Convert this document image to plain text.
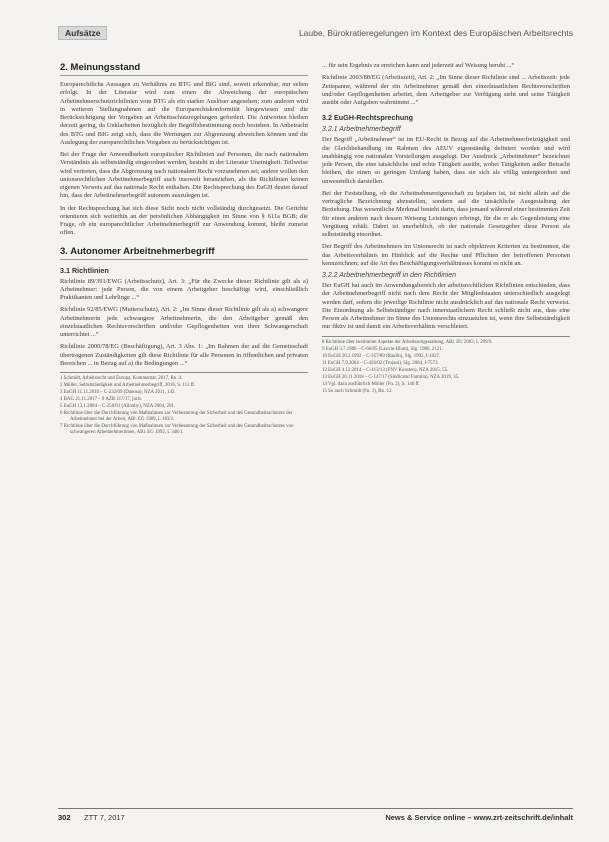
Aufsätze	Laube, Bürokratieregelungen im Kontext des Europäischen Arbeitsrechts
2. Meinungsstand

Europarechtliche Aussagen zu Verhältnis zu BTG und BIG sind, soweit erkennbar, nur selten erfolgt. In der Literatur wird zum einen die Abweichung der europäischen Arbeitnehmerschutzrichtlinien vom BTG als ein starker Auslöser angesehen; zum anderen wird in weiteren Stellungnahmen auf die Europarechtskonformität hingewiesen und die Berücksichtigung der Vorgaben an Arbeitsschutzregelungen gefordert. Die Antworten bleiben derzeit gering, da Unklarheiten bezüglich der Begriffsbestimmung noch bestehen. In Anbetracht des BTG und BIG zeigt sich, dass die Wertungen zur Abgrenzung abweichen können und die Auslegung der europarechtlichen Vorgaben zu berücksichtigen ist.

Bei der Frage der Anwendbarkeit europäischer Richtlinien auf Personen, die nach nationalem Verständnis als selbstständig eingeordnet werden, besteht in der Literatur Uneinigkeit. Teilweise wird vertreten, dass die Abgrenzung nach nationalem Recht vorzunehmen sei; andere wollen den unionsrechtlichen Arbeitnehmerbegriff auch insoweit heranziehen, als die Richtlinien keinen eigenen Verweis auf das nationale Recht enthalten. Die Rechtsprechung des EuGH deutet darauf hin, dass der Arbeitnehmerbegriff autonom auszulegen ist.

In der Rechtsprechung hat sich diese Sicht noch nicht vollständig durchgesetzt. Die Gerichte orientieren sich weiterhin an der persönlichen Abhängigkeit im Sinne von § 611a BGB; die Frage, ob ein europarechtlicher Arbeitnehmerbegriff zur Anwendung kommt, bleibt zumeist offen.

3. Autonomer Arbeitnehmerbegriff
3.1 Richtlinien

Richtlinie 89/391/EWG (Arbeitsschutz), Art. 3: „Für die Zwecke dieser Richtlinie gilt als a) Arbeitnehmer: jede Person, die von einem Arbeitgeber beschäftigt wird, einschließlich Praktikanten und Lehrlinge ...“

Richtlinie 92/85/EWG (Mutterschutz), Art. 2: „Im Sinne dieser Richtlinie gilt als a) schwangere Arbeitnehmerin jede schwangere Arbeitnehmerin, die den Arbeitgeber gemäß den einzelstaatlichen Rechtsvorschriften und/oder Gepflogenheiten von ihrer Schwangerschaft unterrichtet ...“

Richtlinie 2000/78/EG (Beschäftigung), Art. 3 Abs. 1: „Im Rahmen der auf die Gemeinschaft übertragenen Zuständigkeiten gilt diese Richtlinie für alle Personen in öffentlichen und privaten Bereichen ... in Bezug auf a) die Bedingungen ...“

1 Schmidt, Arbeitsrecht und Europa, Kommentar, 2017, Rn. 4.

2 Müller, Selbstständigkeit und Arbeitnehmerbegriff, 2016, S. 112 ff.

3 EuGH 11.11.2010 – C-232/09 (Danosa), NZA 2011, 143.

4 BAG 21.11.2017 – 9 AZR 117/17, juris.

5 EuGH 13.1.2004 – C-256/01 (Allonby), NZA 2004, 201.

6 Richtlinie über die Durchführung von Maßnahmen zur Verbesserung der Sicherheit und des Gesundheitsschutzes der Arbeitnehmer bei der Arbeit, ABl. EG 1989, L 183/1.

7 Richtlinie über die Durchführung von Maßnahmen zur Verbesserung der Sicherheit und des Gesundheitsschutzes von schwangeren Arbeitnehmerinnen, ABl. EG 1992, L 348/1.

... für sein Ergebnis zu erreichen kann und jederzeit auf Weisung beruht ...“

Richtlinie 2003/88/EG (Arbeitszeit), Art. 2: „Im Sinne dieser Richtlinie sind ... Arbeitszeit: jede Zeitspanne, während der ein Arbeitnehmer gemäß den einzelstaatlichen Rechtsvorschriften und/oder Gepflogenheiten arbeitet, dem Arbeitgeber zur Verfügung steht und seine Tätigkeit ausübt oder Aufgaben wahrnimmt ...“

3.2 EuGH-Rechtsprechung
3.2.1 Arbeitnehmerbegriff

Der Begriff „Arbeitnehmer“ ist im EU-Recht in Bezug auf die Arbeitnehmerfreizügigkeit und die Gleichbehandlung im Rahmen des AEUV eigenständig definiert worden und wird unabhängig von nationalen Vorstellungen ausgelegt. Der Ausdruck „Arbeitnehmer“ bezeichnet jede Person, die eine tatsächliche und echte Tätigkeit ausübt, wobei Tätigkeiten außer Betracht bleiben, die einen so geringen Umfang haben, dass sie sich als völlig untergeordnet und unwesentlich darstellen.

Bei der Feststellung, ob die Arbeitnehmereigenschaft zu bejahen ist, ist nicht allein auf die vertragliche Bezeichnung abzustellen, sondern auf die tatsächliche Ausgestaltung der Beziehung. Das wesentliche Merkmal besteht darin, dass jemand während einer bestimmten Zeit für einen anderen nach dessen Weisung Leistungen erbringt, für die er als Gegenleistung eine Vergütung erhält. Dabei ist unerheblich, ob der nationale Gesetzgeber diese Person als selbstständig einordnet.

Der Begriff des Arbeitnehmers im Unionsrecht ist nach objektiven Kriterien zu bestimmen, die das Arbeitsverhältnis im Hinblick auf die Rechte und Pflichten der betroffenen Personen kennzeichnen; auf die Art des Beschäftigungsverhältnisses kommt es nicht an.

3.2.2 Arbeitnehmerbegriff in den Richtlinien

Der EuGH hat auch im Anwendungsbereich der arbeitsrechtlichen Richtlinien entschieden, dass der Arbeitnehmerbegriff nicht nach dem Recht der Mitgliedstaaten unterschiedlich ausgelegt werden darf, sofern die jeweilige Richtlinie nicht ausdrücklich auf das nationale Recht verweist. Die Einordnung als Selbstständiger nach innerstaatlichem Recht schließt nicht aus, dass eine Person als Arbeitnehmer im Sinne des Unionsrechts einzustufen ist, wenn ihre Selbstständigkeit nur fiktiv ist und damit ein Arbeitsverhältnis verschleiert.

8 Richtlinie über bestimmte Aspekte der Arbeitszeitgestaltung, ABl. EU 2003, L 299/9.

9 EuGH 3.7.1986 – C-66/85 (Lawrie-Blum), Slg. 1986, 2121.

10 EuGH 26.2.1992 – C-357/89 (Raulin), Slg. 1992, I-1027.

11 EuGH 7.9.2004 – C-456/02 (Trojani), Slg. 2004, I-7573.

12 EuGH 4.12.2014 – C-413/13 (FNV Kunsten), NZA 2015, 55.

13 EuGH 20.11.2018 – C-147/17 (Sindicatul Familia), NZA 2019, 35.

14 Vgl. dazu ausführlich Müller (Fn. 2), S. 140 ff.

15 So auch Schmidt (Fn. 1), Rn. 12.

302 ZTT 7, 2017	News & Service online – www.zrt-zeitschrift.de/inhalt
